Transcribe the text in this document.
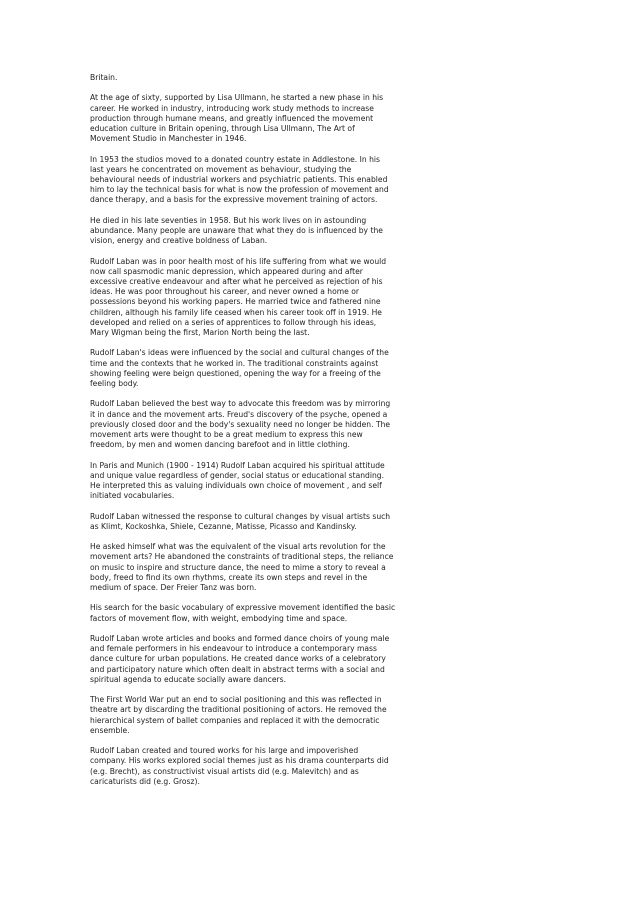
Britain.

At the age of sixty, supported by Lisa Ullmann, he started a new phase in his career. He worked in industry, introducing work study methods to increase production through humane means, and greatly influenced the movement education culture in Britain opening, through Lisa Ullmann, The Art of Movement Studio in Manchester in 1946.

In 1953 the studios moved to a donated country estate in Addlestone. In his last years he concentrated on movement as behaviour, studying the behavioural needs of industrial workers and psychiatric patients. This enabled him to lay the technical basis for what is now the profession of movement and dance therapy, and a basis for the expressive movement training of actors.

He died in his late seventies in 1958. But his work lives on in astounding abundance. Many people are unaware that what they do is influenced by the vision, energy and creative boldness of Laban.

Rudolf Laban was in poor health most of his life suffering from what we would now call spasmodic manic depression, which appeared during and after excessive creative endeavour and after what he perceived as rejection of his ideas. He was poor throughout his career, and never owned a home or possessions beyond his working papers. He married twice and fathered nine children, although his family life ceased when his career took off in 1919. He developed and relied on a series of apprentices to follow through his ideas, Mary Wigman being the first, Marion North being the last.

Rudolf Laban's ideas were influenced by the social and cultural changes of the time and the contexts that he worked in. The traditional constraints against showing feeling were beign questioned, opening the way for a freeing of the feeling body.

Rudolf Laban believed the best way to advocate this freedom was by mirroring it in dance and the movement arts. Freud's discovery of the psyche, opened a previously closed door and the body's sexuality need no longer be hidden. The movement arts were thought to be a great medium to express this new freedom, by men and women dancing barefoot and in little clothing.

In Paris and Munich (1900 - 1914) Rudolf Laban acquired his spiritual attitude and unique value regardless of gender, social status or educational standing. He interpreted this as valuing individuals own choice of movement , and self initiated vocabularies.

Rudolf Laban witnessed the response to cultural changes by visual artists such as Klimt, Kockoshka, Shiele, Cezanne, Matisse, Picasso and Kandinsky.

He asked himself what was the equivalent of the visual arts revolution for the movement arts? He abandoned the constraints of traditional steps, the reliance on music to inspire and structure dance, the need to mime a story to reveal a body, freed to find its own rhythms, create its own steps and revel in the medium of space. Der Freier Tanz was born.

His search for the basic vocabulary of expressive movement identified the basic factors of movement flow, with weight, embodying time and space.

Rudolf Laban wrote articles and books and formed dance choirs of young male and female performers in his endeavour to introduce a contemporary mass dance culture for urban populations. He created dance works of a celebratory and participatory nature which often dealt in abstract terms with a social and spiritual agenda to educate socially aware dancers.

The First World War put an end to social positioning and this was reflected in theatre art by discarding the traditional positioning of actors. He removed the hierarchical system of ballet companies and replaced it with the democratic ensemble.

Rudolf Laban created and toured works for his large and impoverished company. His works explored social themes just as his drama counterparts did (e.g. Brecht), as constructivist visual artists did (e.g. Malevitch) and as caricaturists did (e.g. Grosz).
